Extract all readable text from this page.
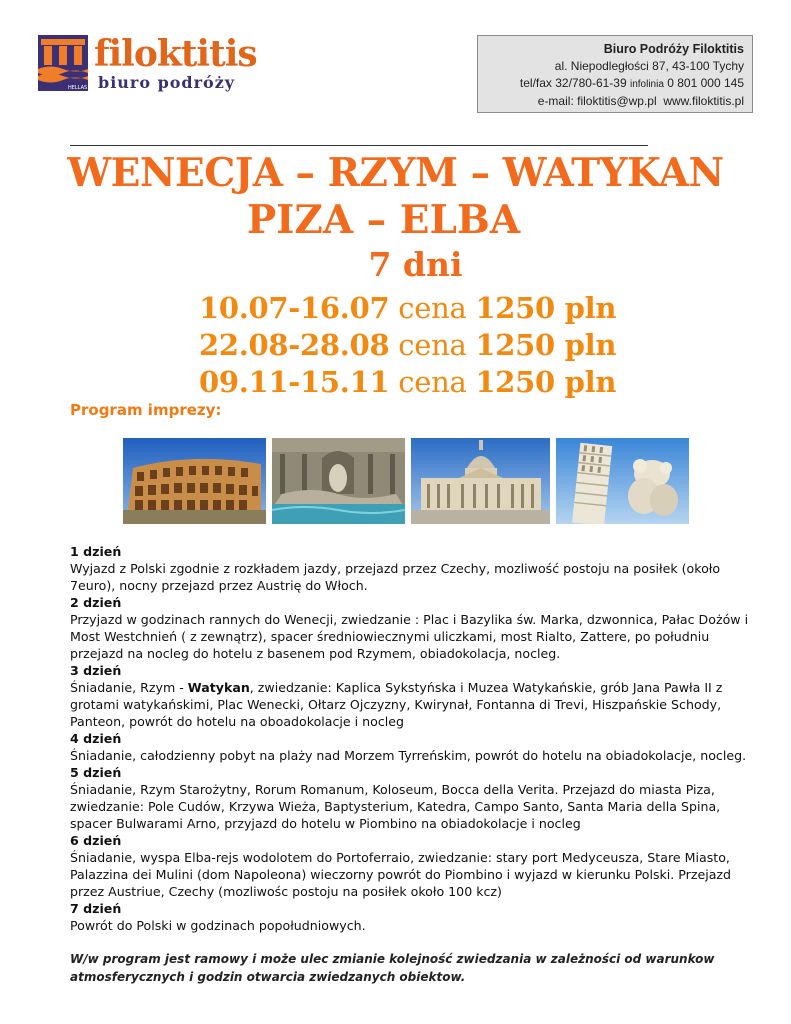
HELLAS
filoktitis
biuro podróży
Biuro Podróży Filoktitis
al. Niepodległości 87, 43-100 Tychy
tel/fax 32/780-61-39 infolinia 0 801 000 145
e-mail: filoktitis@wp.pl www.filoktitis.pl
WENECJA – RZYM – WATYKAN
PIZA – ELBA
7 dni
10.07-16.07 cena 1250 pln
22.08-28.08 cena 1250 pln
09.11-15.11 cena 1250 pln
Program imprezy:
1 dzień
Wyjazd z Polski zgodnie z rozkładem jazdy, przejazd przez Czechy, mozliwość postoju na posiłek (około 7euro), nocny przejazd przez Austrię do Włoch.
2 dzień
Przyjazd w godzinach rannych do Wenecji, zwiedzanie : Plac i Bazylika św. Marka, dzwonnica, Pałac Dożów i Most Westchnień ( z zewnątrz), spacer średniowiecznymi uliczkami, most Rialto, Zattere, po południu przejazd na nocleg do hotelu z basenem pod Rzymem, obiadokolacja, nocleg.
3 dzień
Śniadanie, Rzym - Watykan, zwiedzanie: Kaplica Sykstyńska i Muzea Watykańskie, grób Jana Pawła II z grotami watykańskimi, Plac Wenecki, Ołtarz Ojczyzny, Kwirynał, Fontanna di Trevi, Hiszpańskie Schody, Panteon, powrót do hotelu na oboadokolacje i nocleg
4 dzień
Śniadanie, całodzienny pobyt na plaży nad Morzem Tyrreńskim, powrót do hotelu na obiadokolacje, nocleg.
5 dzień
Śniadanie, Rzym Starożytny, Rorum Romanum, Koloseum, Bocca della Verita. Przejazd do miasta Piza, zwiedzanie: Pole Cudów, Krzywa Wieża, Baptysterium, Katedra, Campo Santo, Santa Maria della Spina, spacer Bulwarami Arno, przyjazd do hotelu w Piombino na obiadokolacje i nocleg
6 dzień
Śniadanie, wyspa Elba-rejs wodolotem do Portoferraio, zwiedzanie: stary port Medyceusza, Stare Miasto, Palazzina dei Mulini (dom Napoleona) wieczorny powrót do Piombino i wyjazd w kierunku Polski. Przejazd przez Austriue, Czechy (mozliwośc postoju na posiłek około 100 kcz)
7 dzień
Powrót do Polski w godzinach popołudniowych.
W/w program jest ramowy i może ulec zmianie kolejność zwiedzania w zależności od warunkow atmosferycznych i godzin otwarcia zwiedzanych obiektow.
